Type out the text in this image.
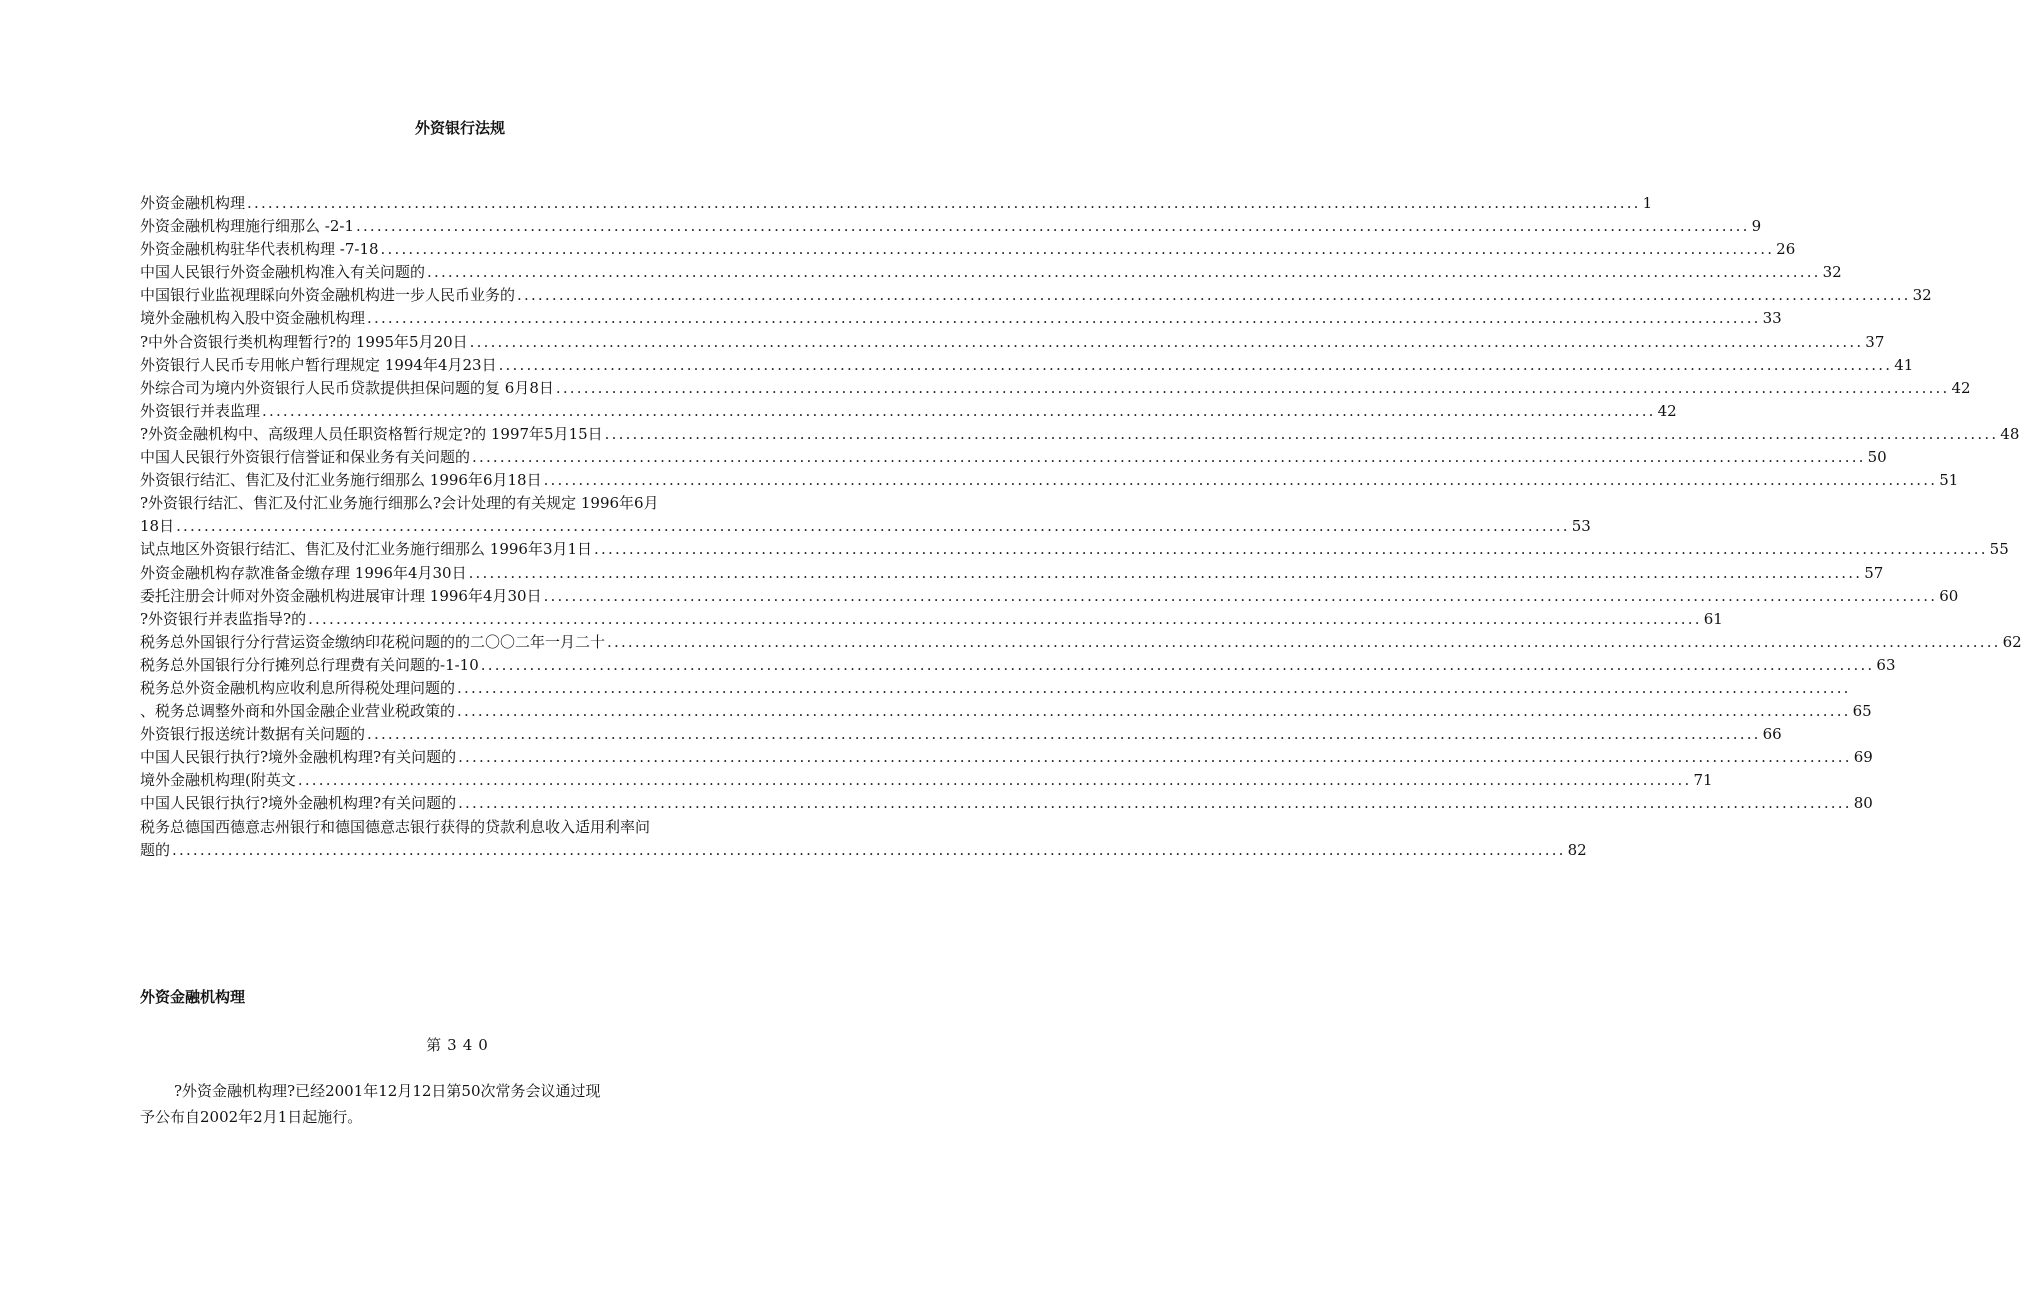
外资银行法规
外资金融机构理 ........................................................................................................................................................................................................ 1
外资金融机构理施行细那么 -2-1 ........................................................................................................................................................................................................ 9
外资金融机构驻华代表机构理 -7-18 ........................................................................................................................................................................................................ 26
中国人民银行外资金融机构准入有关问题的 ........................................................................................................................................................................................................ 32
中国银行业监视理睬向外资金融机构进一步人民币业务的 ........................................................................................................................................................................................................ 32
境外金融机构入股中资金融机构理 ........................................................................................................................................................................................................ 33
?中外合资银行类机构理暂行?的 1995年5月20日 ........................................................................................................................................................................................................ 37
外资银行人民币专用帐户暂行理规定 1994年4月23日 ........................................................................................................................................................................................................ 41
外综合司为境内外资银行人民币贷款提供担保问题的复 6月8日 ........................................................................................................................................................................................................ 42
外资银行并表监理 ........................................................................................................................................................................................................ 42
?外资金融机构中、高级理人员任职资格暂行规定?的 1997年5月15日 ........................................................................................................................................................................................................ 48
中国人民银行外资银行信誉证和保业务有关问题的 ........................................................................................................................................................................................................ 50
外资银行结汇、售汇及付汇业务施行细那么 1996年6月18日 ........................................................................................................................................................................................................ 51
?外资银行结汇、售汇及付汇业务施行细那么?会计处理的有关规定 1996年6月
18日 ........................................................................................................................................................................................................ 53
试点地区外资银行结汇、售汇及付汇业务施行细那么 1996年3月1日 ........................................................................................................................................................................................................ 55
外资金融机构存款准备金缴存理 1996年4月30日 ........................................................................................................................................................................................................ 57
委托注册会计师对外资金融机构进展审计理 1996年4月30日 ........................................................................................................................................................................................................ 60
?外资银行并表监指导?的 ........................................................................................................................................................................................................ 61
税务总外国银行分行营运资金缴纳印花税问题的的二〇〇二年一月二十 ........................................................................................................................................................................................................ 62
税务总外国银行分行摊列总行理费有关问题的-1-10 ........................................................................................................................................................................................................ 63
税务总外资金融机构应收利息所得税处理问题的 ........................................................................................................................................................................................................
、税务总调整外商和外国金融企业营业税政策的 ........................................................................................................................................................................................................ 65
外资银行报送统计数据有关问题的 ........................................................................................................................................................................................................ 66
中国人民银行执行?境外金融机构理?有关问题的 ........................................................................................................................................................................................................ 69
境外金融机构理(附英文 ........................................................................................................................................................................................................ 71
中国人民银行执行?境外金融机构理?有关问题的 ........................................................................................................................................................................................................ 80
税务总德国西德意志州银行和德国德意志银行获得的贷款利息收入适用利率问
题的 ........................................................................................................................................................................................................ 82
外资金融机构理

第340

?外资金融机构理?已经2001年12月12日第50次常务会议通过现
予公布自2002年2月1日起施行。
